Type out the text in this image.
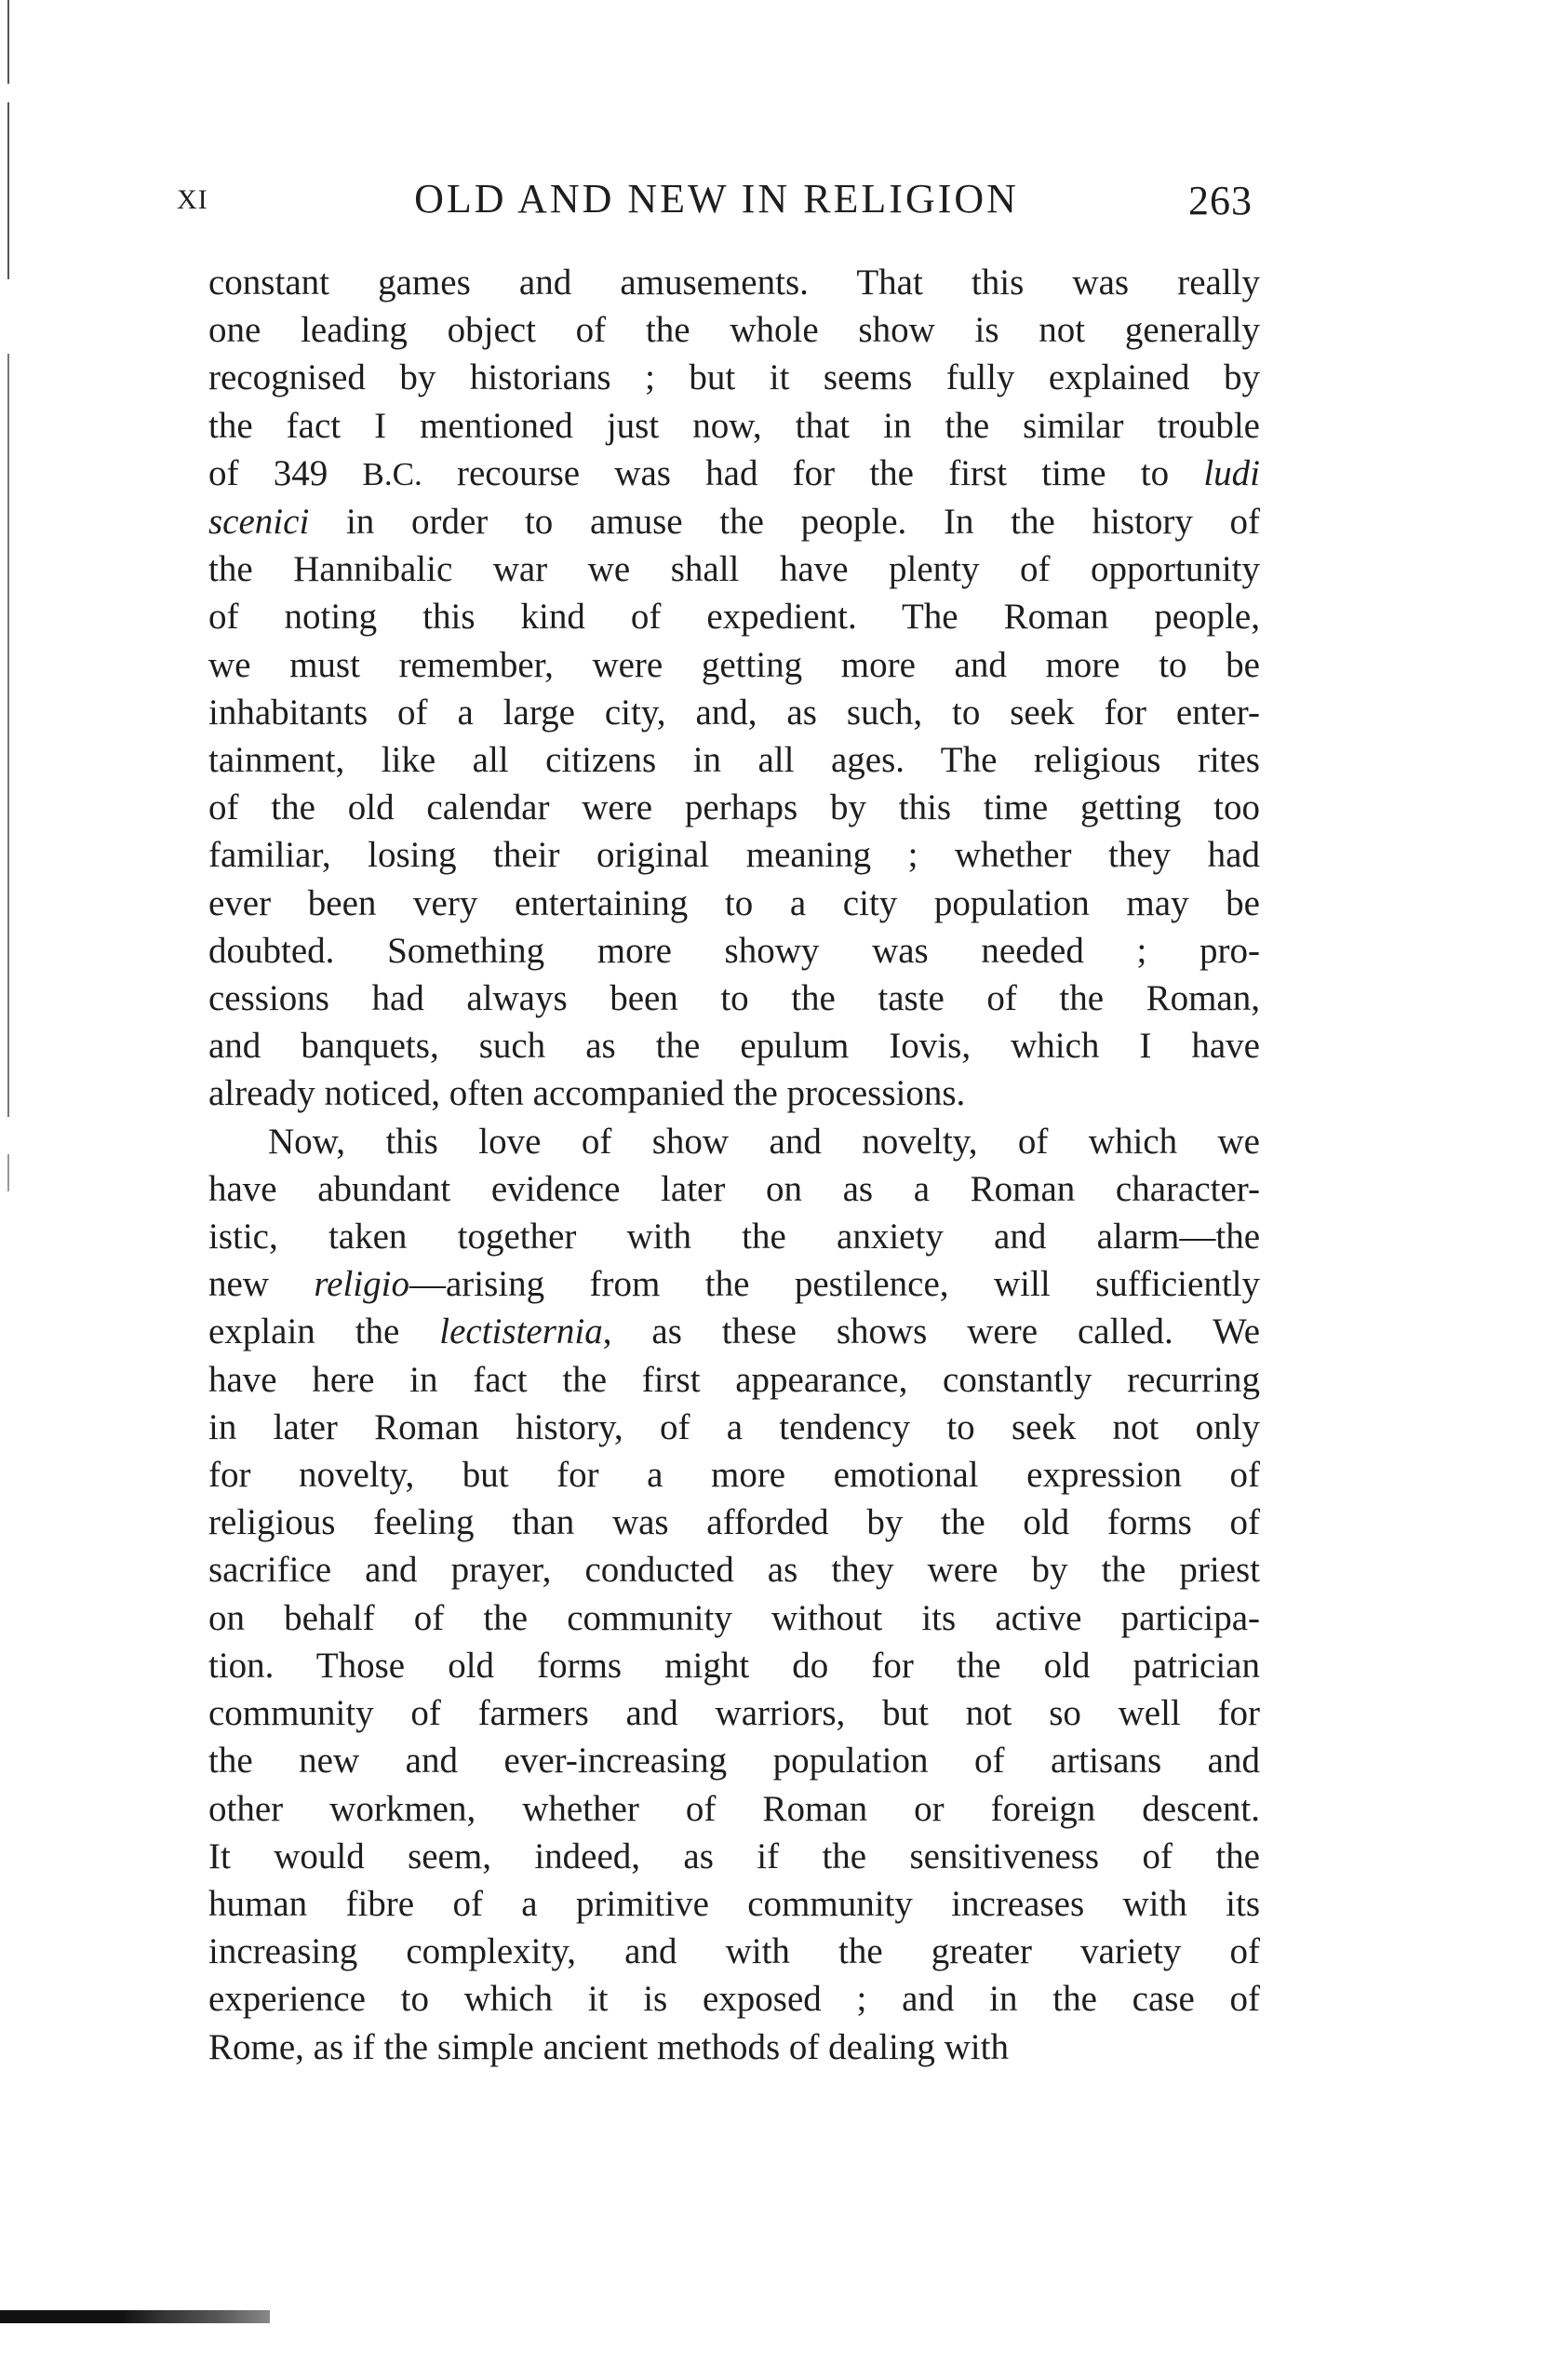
XI	OLD AND NEW IN RELIGION	263
constant games and amusements. That this was really
one leading object of the whole show is not generally
recognised by historians ; but it seems fully explained by
the fact I mentioned just now, that in the similar trouble
of 349 B.C. recourse was had for the first time to ludi
scenici in order to amuse the people. In the history of
the Hannibalic war we shall have plenty of opportunity
of noting this kind of expedient. The Roman people,
we must remember, were getting more and more to be
inhabitants of a large city, and, as such, to seek for enter-
tainment, like all citizens in all ages. The religious rites
of the old calendar were perhaps by this time getting too
familiar, losing their original meaning ; whether they had
ever been very entertaining to a city population may be
doubted. Something more showy was needed ; pro-
cessions had always been to the taste of the Roman,
and banquets, such as the epulum Iovis, which I have
already noticed, often accompanied the processions.
Now, this love of show and novelty, of which we
have abundant evidence later on as a Roman character-
istic, taken together with the anxiety and alarm—the
new religio—arising from the pestilence, will sufficiently
explain the lectisternia, as these shows were called. We
have here in fact the first appearance, constantly recurring
in later Roman history, of a tendency to seek not only
for novelty, but for a more emotional expression of
religious feeling than was afforded by the old forms of
sacrifice and prayer, conducted as they were by the priest
on behalf of the community without its active participa-
tion. Those old forms might do for the old patrician
community of farmers and warriors, but not so well for
the new and ever-increasing population of artisans and
other workmen, whether of Roman or foreign descent.
It would seem, indeed, as if the sensitiveness of the
human fibre of a primitive community increases with its
increasing complexity, and with the greater variety of
experience to which it is exposed ; and in the case of
Rome, as if the simple ancient methods of dealing with
